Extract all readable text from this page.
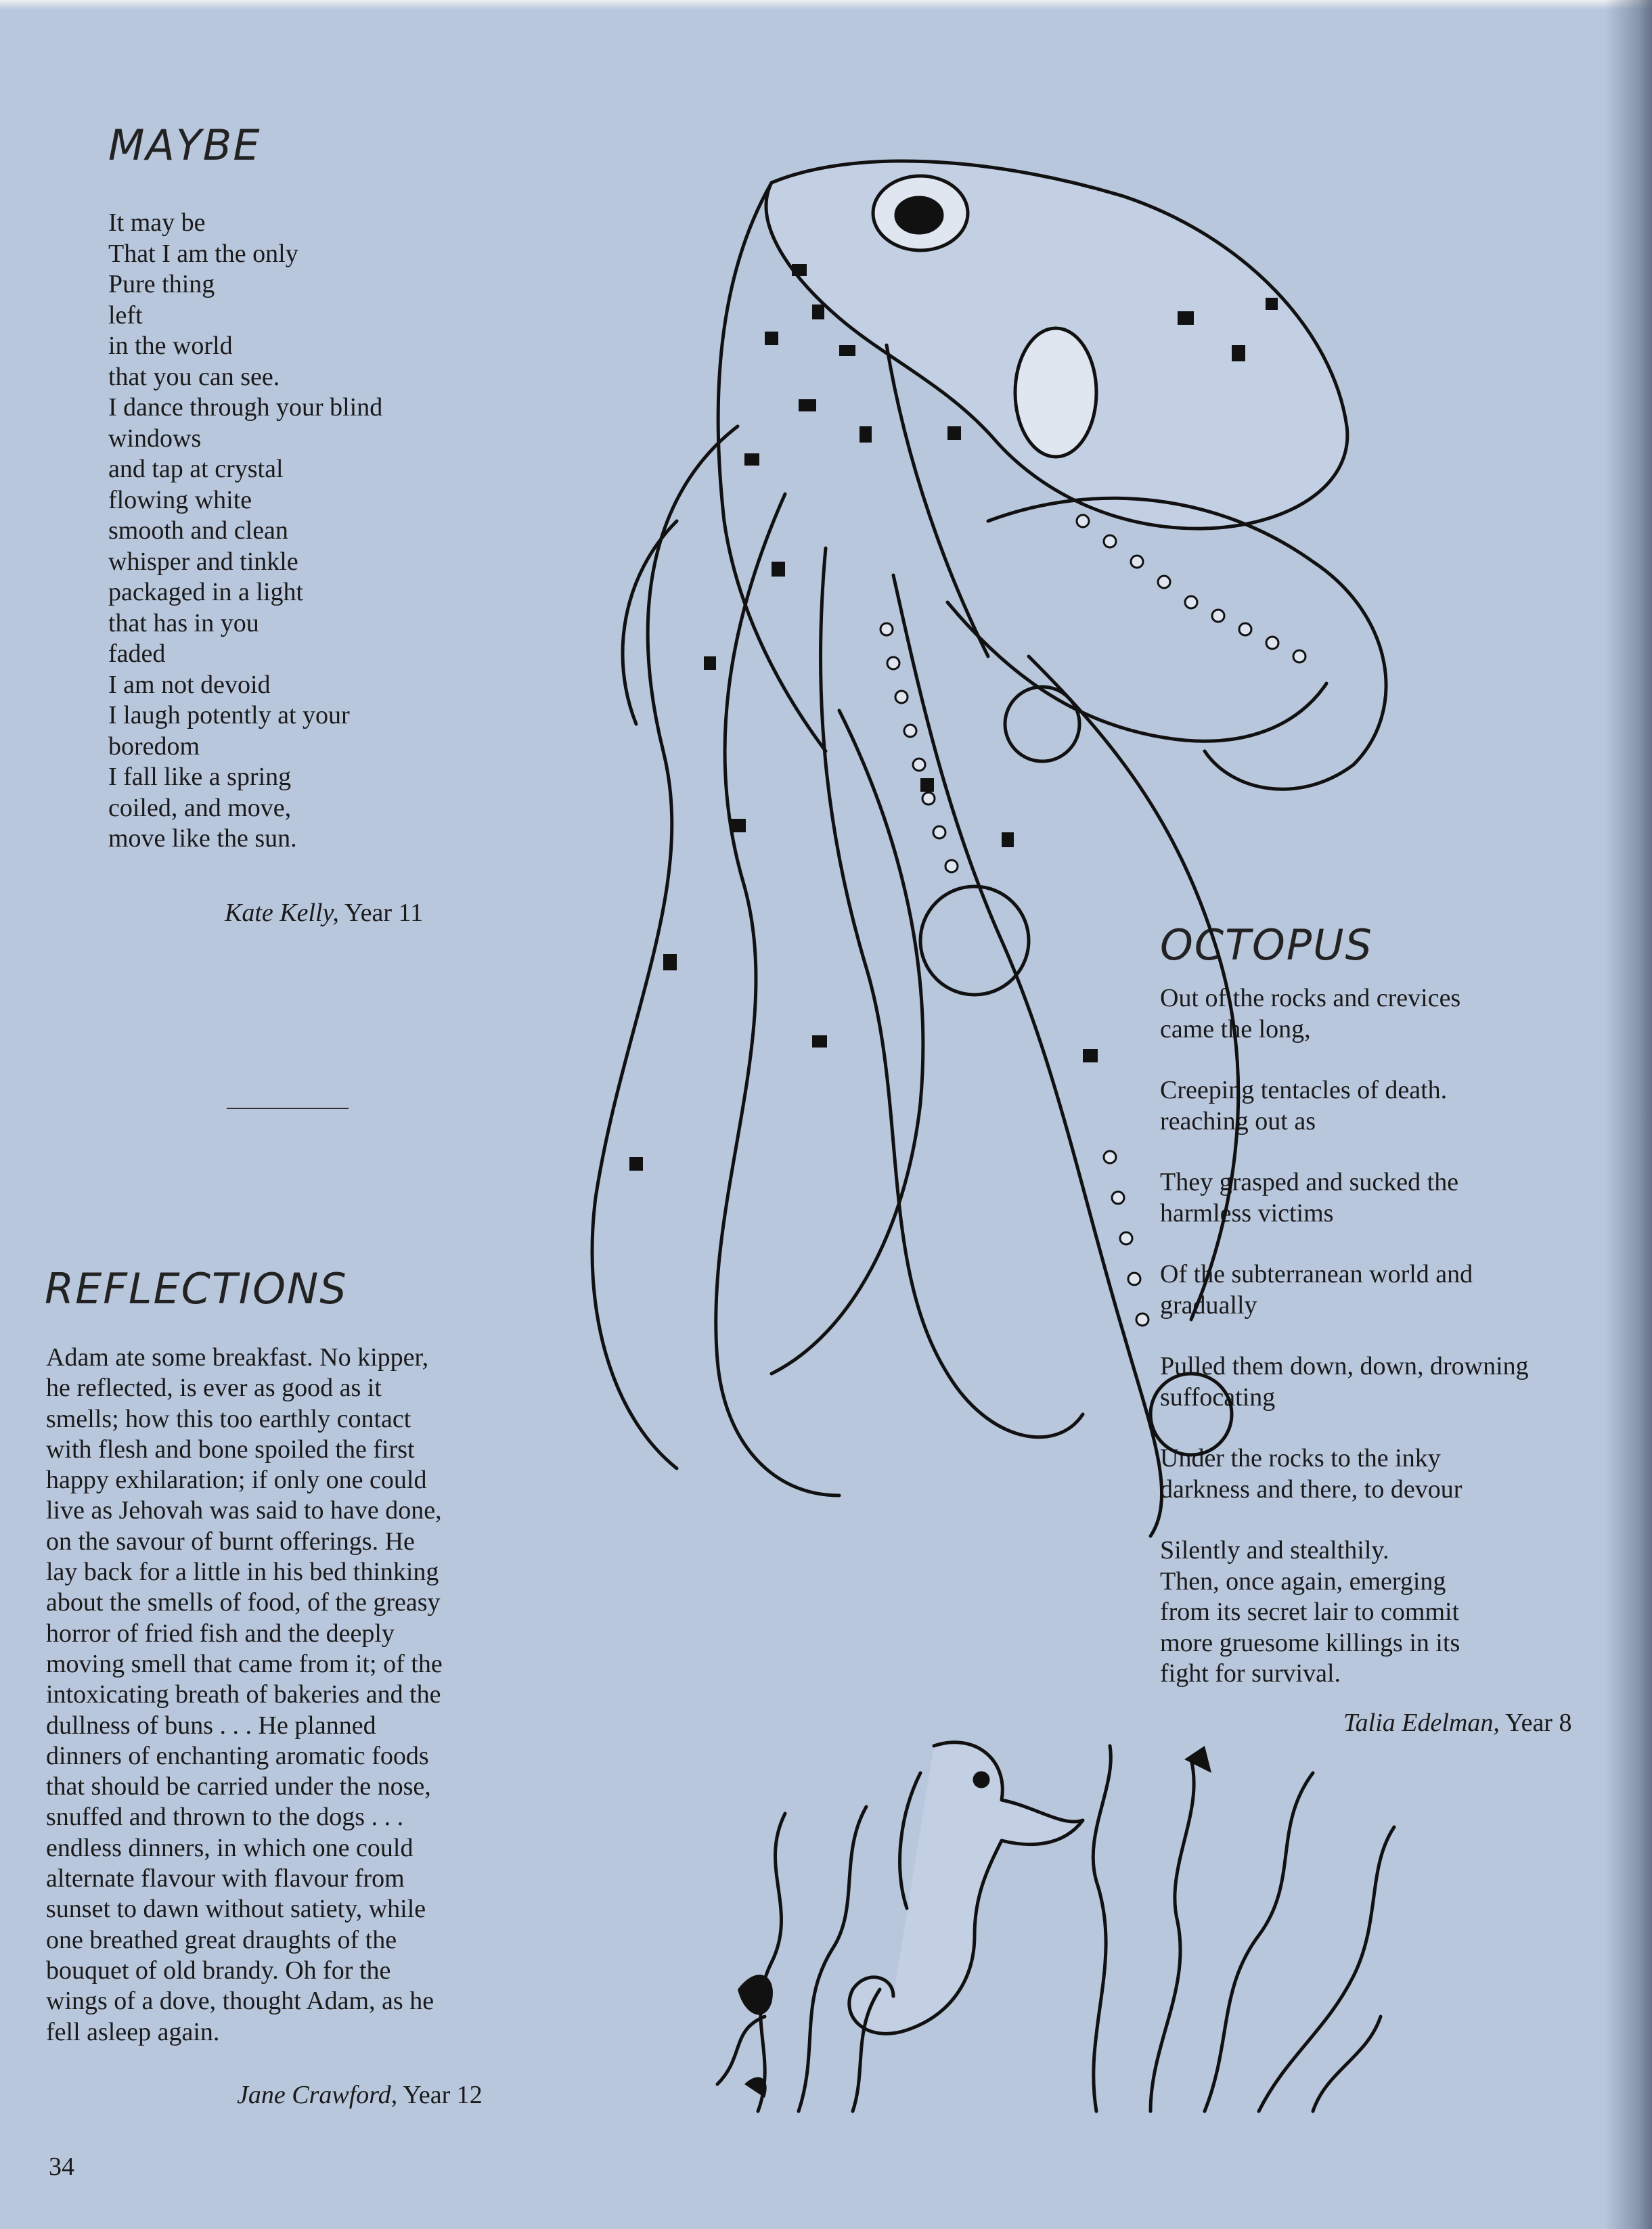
MAYBE
It may be
That I am the only
Pure thing
left
in the world
that you can see.
I dance through your blind
windows
and tap at crystal
flowing white
smooth and clean
whisper and tinkle
packaged in a light
that has in you
faded
I am not devoid
I laugh potently at your
boredom
I fall like a spring
coiled, and move,
move like the sun.
Kate Kelly, Year 11
REFLECTIONS
Adam ate some breakfast. No kipper,
he reflected, is ever as good as it
smells; how this too earthly contact
with flesh and bone spoiled the first
happy exhilaration; if only one could
live as Jehovah was said to have done,
on the savour of burnt offerings. He
lay back for a little in his bed thinking
about the smells of food, of the greasy
horror of fried fish and the deeply
moving smell that came from it; of the
intoxicating breath of bakeries and the
dullness of buns . . . He planned
dinners of enchanting aromatic foods
that should be carried under the nose,
snuffed and thrown to the dogs . . .
endless dinners, in which one could
alternate flavour with flavour from
sunset to dawn without satiety, while
one breathed great draughts of the
bouquet of old brandy. Oh for the
wings of a dove, thought Adam, as he
fell asleep again.
Jane Crawford, Year 12
OCTOPUS
Out of the rocks and crevices
came the long,
Creeping tentacles of death.
reaching out as
They grasped and sucked the
harmless victims
Of the subterranean world and
gradually
Pulled them down, down, drowning
suffocating
Under the rocks to the inky
darkness and there, to devour
Silently and stealthily.
Then, once again, emerging
from its secret lair to commit
more gruesome killings in its
fight for survival.
Talia Edelman, Year 8
34
